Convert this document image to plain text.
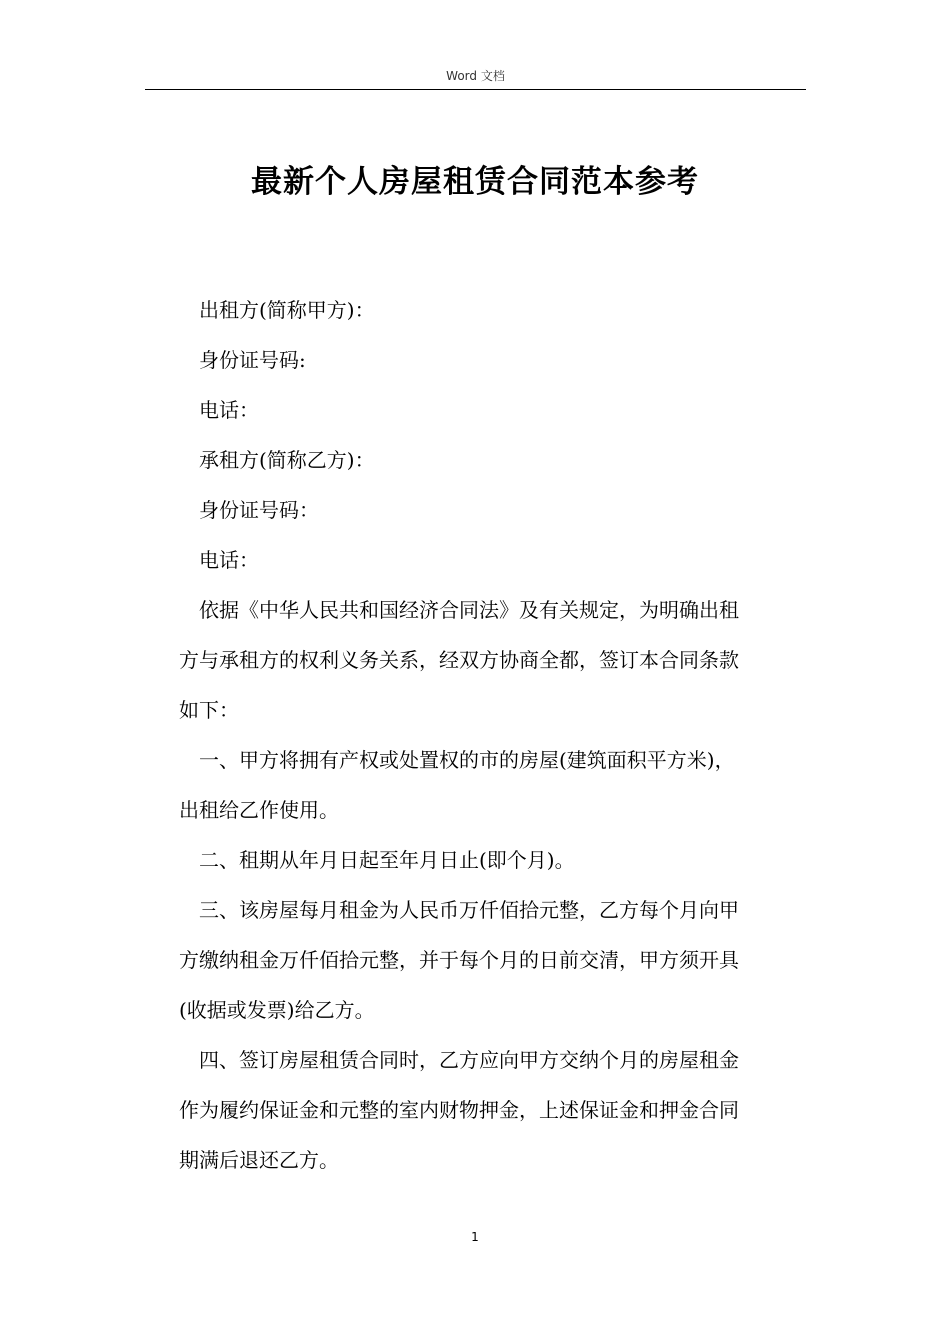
Word 文档
最新个人房屋租赁合同范本参考
出租方(简称甲方)：
身份证号码:
电话：
承租方(简称乙方)：
身份证号码：
电话：
依据《中华人民共和国经济合同法》及有关规定，为明确出租
方与承租方的权利义务关系，经双方协商全都，签订本合同条款
如下：
一、甲方将拥有产权或处置权的市的房屋(建筑面积平方米)，
出租给乙作使用。
二、租期从年月日起至年月日止(即个月)。
三、该房屋每月租金为人民币万仟佰拾元整，乙方每个月向甲
方缴纳租金万仟佰拾元整，并于每个月的日前交清，甲方须开具
(收据或发票)给乙方。
四、签订房屋租赁合同时，乙方应向甲方交纳个月的房屋租金
作为履约保证金和元整的室内财物押金，上述保证金和押金合同
期满后退还乙方。
1
